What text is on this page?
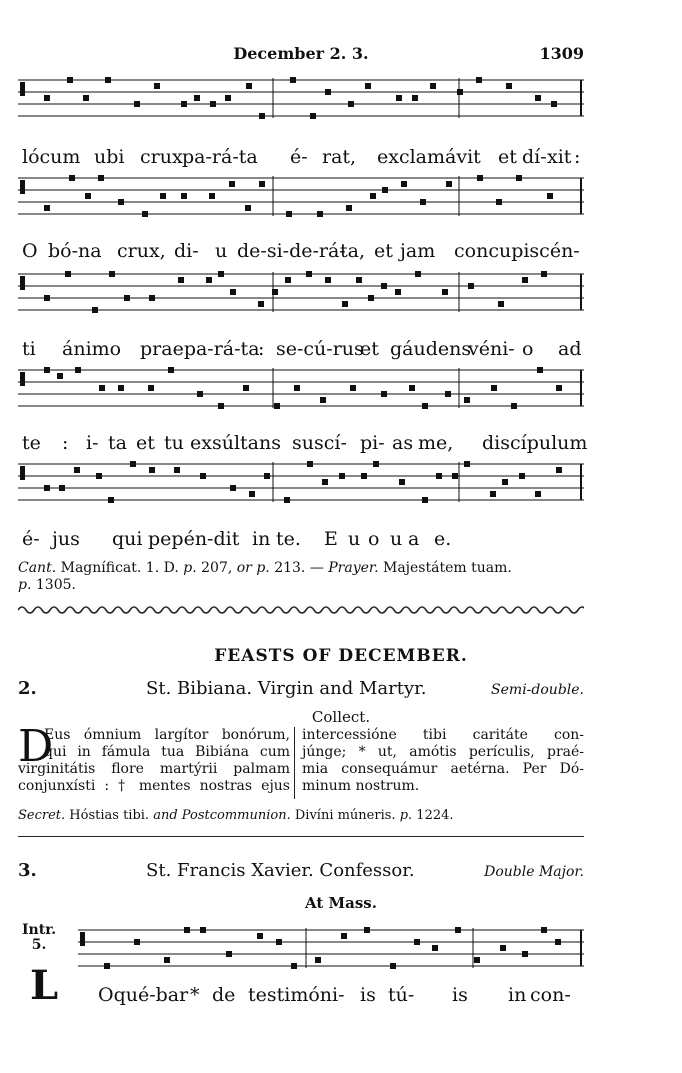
December 2. 3.	1309
lócum ubi crux pa-rá-ta é- rat, exclamávit et dí- xit :
O bó-na crux, di- u de-si-de-rá-
ta, et jam concupiscén-
ti ánimo praepa-rá-ta
: se-cú-rus
et gáudens
véni- o ad
te : i- ta et tu exsúltans suscí- pi- as me, discípulum
é- jus qui pepén-dit in te. E u o u a e.
Cant. Magníficat. 1. D. p. 207, or p. 213. — Prayer. Majestátem tuam.
p. 1305.
FEASTS OF DECEMBER.
2.	St. Bibiana. Virgin and Martyr.	Semi-double.
Collect.
D
Eus ómnium largítor bonórum,
qui in fámula tua Bibiána cum
virginitátis flore martýrii palmam
conjunxísti : † mentes nostras ejus
intercessióne tibi caritáte con-
júnge; * ut, amótis perículis, praé-
mia consequámur aetérna. Per Dó-
minum nostrum.
Secret. Hóstias tibi. and Postcommunion. Divíni múneris. p. 1224.
3.	St. Francis Xavier. Confessor.	Double Major.
At Mass.
Intr.
5.
L Oqué-bar * de testimóni- is tú- is in con-
